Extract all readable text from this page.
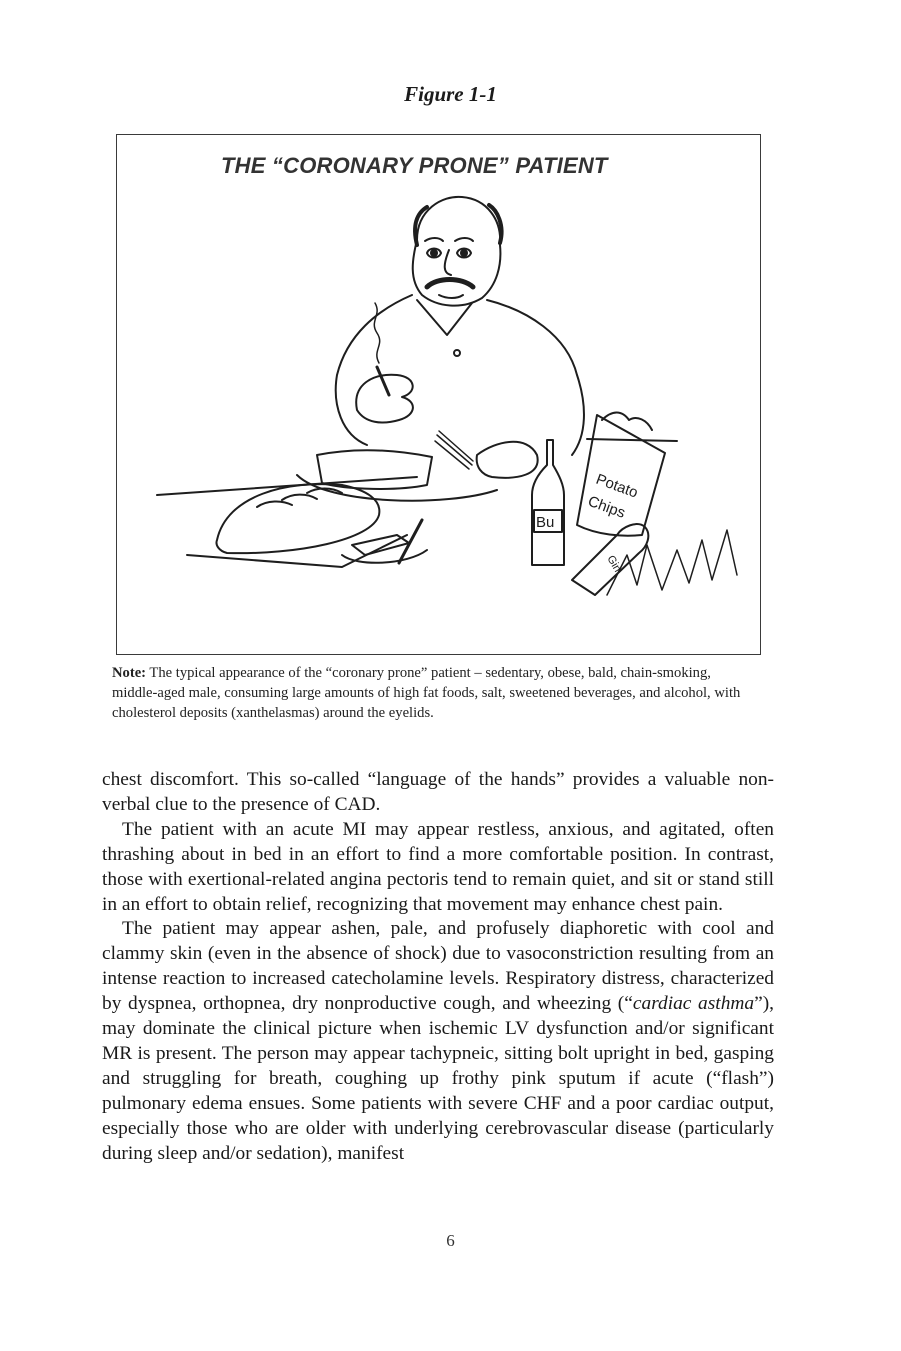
Figure 1-1
Bu
Potato
Chips
Gin
THE “CORONARY PRONE” PATIENT
Note: The typical appearance of the “coronary prone” patient – sedentary, obese, bald, chain-smoking, middle-aged male, consuming large amounts of high fat foods, salt, sweetened beverages, and alcohol, with cholesterol deposits (xanthelasmas) around the eyelids.

chest discomfort. This so-called “language of the hands” provides a valuable non-verbal clue to the presence of CAD.

The patient with an acute MI may appear restless, anxious, and agitated, often thrashing about in bed in an effort to find a more comfortable position. In contrast, those with exertional-related angina pectoris tend to remain quiet, and sit or stand still in an effort to obtain relief, recognizing that movement may enhance chest pain.

The patient may appear ashen, pale, and profusely diaphoretic with cool and clammy skin (even in the absence of shock) due to vasoconstriction resulting from an intense reaction to increased catecholamine levels. Respiratory distress, characterized by dyspnea, orthopnea, dry nonproductive cough, and wheezing (“cardiac asthma”), may dominate the clinical picture when ischemic LV dysfunction and/or significant MR is present. The person may appear tachypneic, sitting bolt upright in bed, gasping and struggling for breath, coughing up frothy pink sputum if acute (“flash”) pulmonary edema ensues. Some patients with severe CHF and a poor cardiac output, especially those who are older with underlying cerebrovascular disease (particularly during sleep and/or sedation), manifest

6
